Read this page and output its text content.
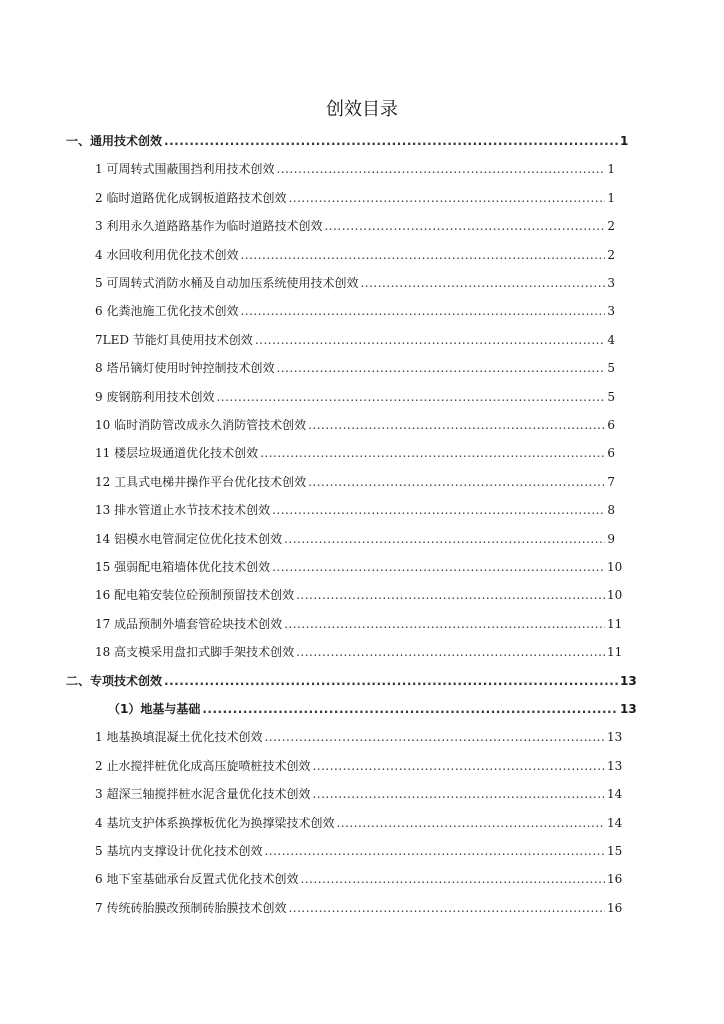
创效目录
一、 通用技术创效 .....	1
1 可周转式围蔽围挡利用技术创效 .....	1
2 临时道路优化成钢板道路技术创效 .....	1
3 利用永久道路路基作为临时道路技术创效 .....	2
4 水回收利用优化技术创效 .....	2
5 可周转式消防水桶及自动加压系统使用技术创效 .....	3
6 化粪池施工优化技术创效 .....	3
7LED 节能灯具使用技术创效 .....	4
8 塔吊镝灯使用时钟控制技术创效 .....	5
9 废钢筋利用技术创效 .....	5
10 临时消防管改成永久消防管技术创效 .....	6
11 楼层垃圾通道优化技术创效 .....	6
12 工具式电梯井操作平台优化技术创效 .....	7
13 排水管道止水节技术技术创效 .....	8
14 铝模水电管洞定位优化技术创效 .....	9
15 强弱配电箱墙体优化技术创效 .....	10
16 配电箱安装位砼预制预留技术创效 .....	10
17 成品预制外墙套管砼块技术创效 .....	11
18 高支模采用盘扣式脚手架技术创效 .....	11
二、 专项技术创效 .....	13
（1）地基与基础 .....	13
1 地基换填混凝土优化技术创效 .....	13
2 止水搅拌桩优化成高压旋喷桩技术创效 .....	13
3 超深三轴搅拌桩水泥含量优化技术创效 .....	14
4 基坑支护体系换撑板优化为换撑梁技术创效 .....	14
5 基坑内支撑设计优化技术创效 .....	15
6 地下室基础承台反置式优化技术创效 .....	16
7 传统砖胎膜改预制砖胎膜技术创效 .....	16
